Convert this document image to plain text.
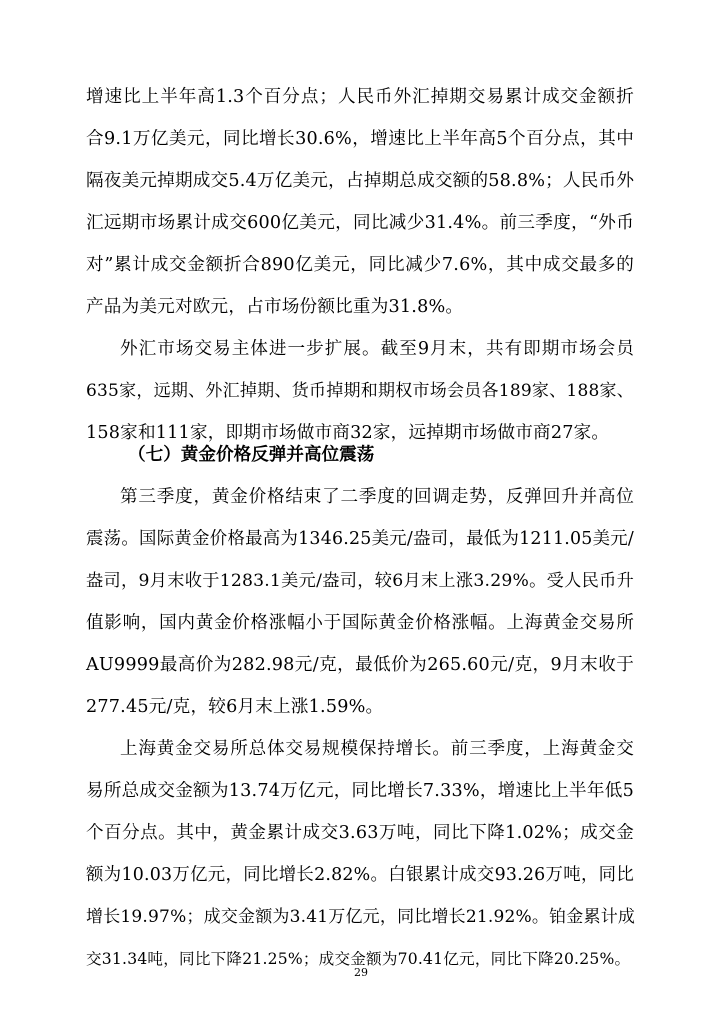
增速比上半年高1.3个百分点；人民币外汇掉期交易累计成交金额折
合9.1万亿美元，同比增长30.6%，增速比上半年高5个百分点，其中
隔夜美元掉期成交5.4万亿美元，占掉期总成交额的58.8%；人民币外
汇远期市场累计成交600亿美元，同比减少31.4%。前三季度，“外币
对”累计成交金额折合890亿美元，同比减少7.6%，其中成交最多的
产品为美元对欧元，占市场份额比重为31.8%。
外汇市场交易主体进一步扩展。截至9月末，共有即期市场会员
635家，远期、外汇掉期、货币掉期和期权市场会员各189家、188家、
158家和111家，即期市场做市商32家，远掉期市场做市商27家。
（七）黄金价格反弹并高位震荡
第三季度，黄金价格结束了二季度的回调走势，反弹回升并高位
震荡。国际黄金价格最高为1346.25美元/盎司，最低为1211.05美元/
盎司，9月末收于1283.1美元/盎司，较6月末上涨3.29%。受人民币升
值影响，国内黄金价格涨幅小于国际黄金价格涨幅。上海黄金交易所
AU9999最高价为282.98元/克，最低价为265.60元/克，9月末收于
277.45元/克，较6月末上涨1.59%。
上海黄金交易所总体交易规模保持增长。前三季度，上海黄金交
易所总成交金额为13.74万亿元，同比增长7.33%，增速比上半年低5
个百分点。其中，黄金累计成交3.63万吨，同比下降1.02%；成交金
额为10.03万亿元，同比增长2.82%。白银累计成交93.26万吨，同比
增长19.97%；成交金额为3.41万亿元，同比增长21.92%。铂金累计成
交31.34吨，同比下降21.25%；成交金额为70.41亿元，同比下降20.25%。
29
